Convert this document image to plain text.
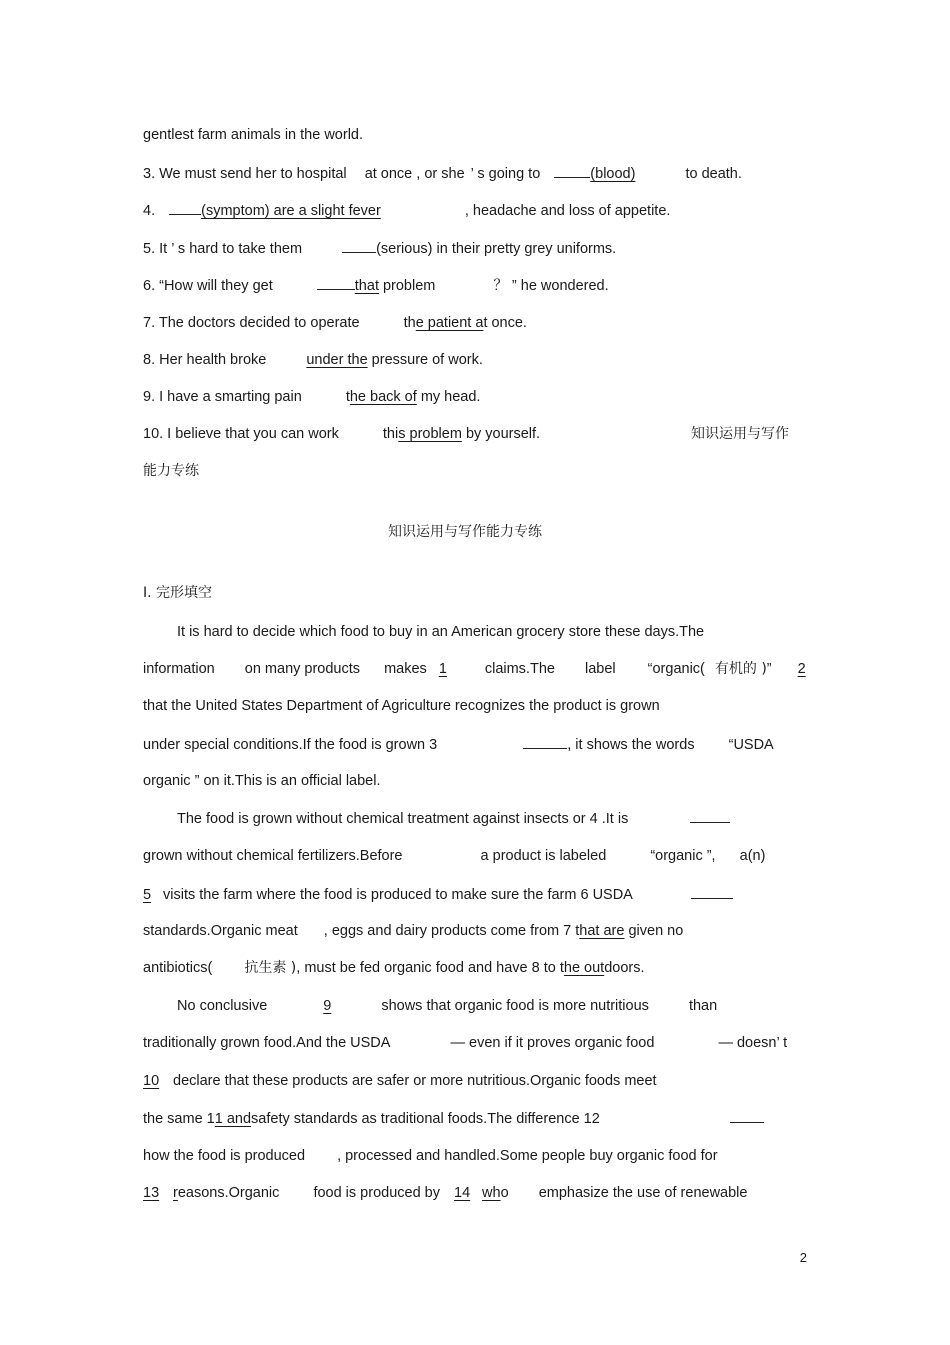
gentlest farm animals in the world.
3. We must send her to hospital at once , or she ’ s going to	(blood)	to death.
4.	(symptom) are a slight fever	, headache and loss of appetite.
5. It ’ s hard to take them	(serious) in their pretty grey uniforms.
6. “How will they get	that problem	？ ” he wondered.
7. The doctors decided to operate	the patient at once.
8. Her health broke	under the pressure of work.
9. I have a smarting pain	the back of my head.
10. I believe that you can work	this problem by yourself.	知识运用与写作
能力专练
知识运用与写作能力专练
Ⅰ. 完形填空
It is hard to decide which food to buy in an American grocery store these days.The
information on many products makes 1	claims.The label “organic( 有机的 )” 2
that the United States Department of Agriculture recognizes the product is grown
under special conditions.If the food is grown 3	, it shows the words “USDA
organic ” on it.This is an official label.
The food is grown without chemical treatment against insects or 4 .It is
grown without chemical fertilizers.Before	a product is labeled	“organic ”, a(n)
5 visits the farm where the food is produced to make sure the farm 6 USDA
standards.Organic meat , eggs and dairy products come from 7 that are given no
antibiotics( 抗生素 ), must be fed organic food and have 8 to the outdoors.
No conclusive	9	shows that organic food is more nutritious	than
traditionally grown food.And the USDA	— even if it proves organic food	— doesn’ t
10 declare that these products are safer or more nutritious.Organic foods meet
the same 11 andsafety standards as traditional foods.The difference 12
how the food is produced , processed and handled.Some people buy organic food for
13 reasons.Organic food is produced by 14 who emphasize the use of renewable
2
